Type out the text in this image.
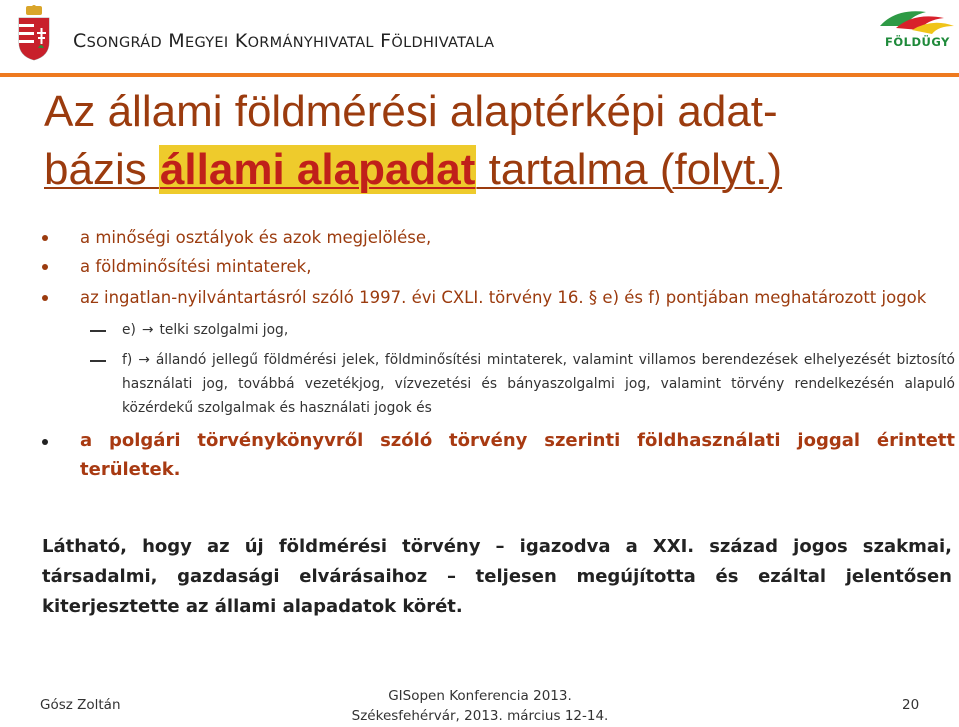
CSONGRÁD MEGYEI KORMÁNYHIVATAL FÖLDHIVATALA	FÖLDÜGY
Az állami földmérési alaptérképi adat-
bázis állami alapadat tartalma (folyt.)
a minőségi osztályok és azok megjelölése,
a földminősítési mintaterek,
az ingatlan-nyilvántartásról szóló 1997. évi CXLI. törvény 16. § e) és f) pontjában meghatározott jogok
e) → telki szolgalmi jog,
f) → állandó jellegű földmérési jelek, földminősítési mintaterek, valamint villamos berendezések elhelyezését biztosító használati jog, továbbá vezetékjog, vízvezetési és bányaszolgalmi jog, valamint törvény rendelkezésén alapuló közérdekű szolgalmak és használati jogok és
a polgári törvénykönyvről szóló törvény szerinti földhasználati joggal érintett területek.
Látható, hogy az új földmérési törvény – igazodva a XXI. század jogos szakmai, társadalmi, gazdasági elvárásaihoz – teljesen megújította és ezáltal jelentősen kiterjesztette az állami alapadatok körét.
Gósz Zoltán
GISopen Konferencia 2013.
Székesfehérvár, 2013. március 12-14.
20
